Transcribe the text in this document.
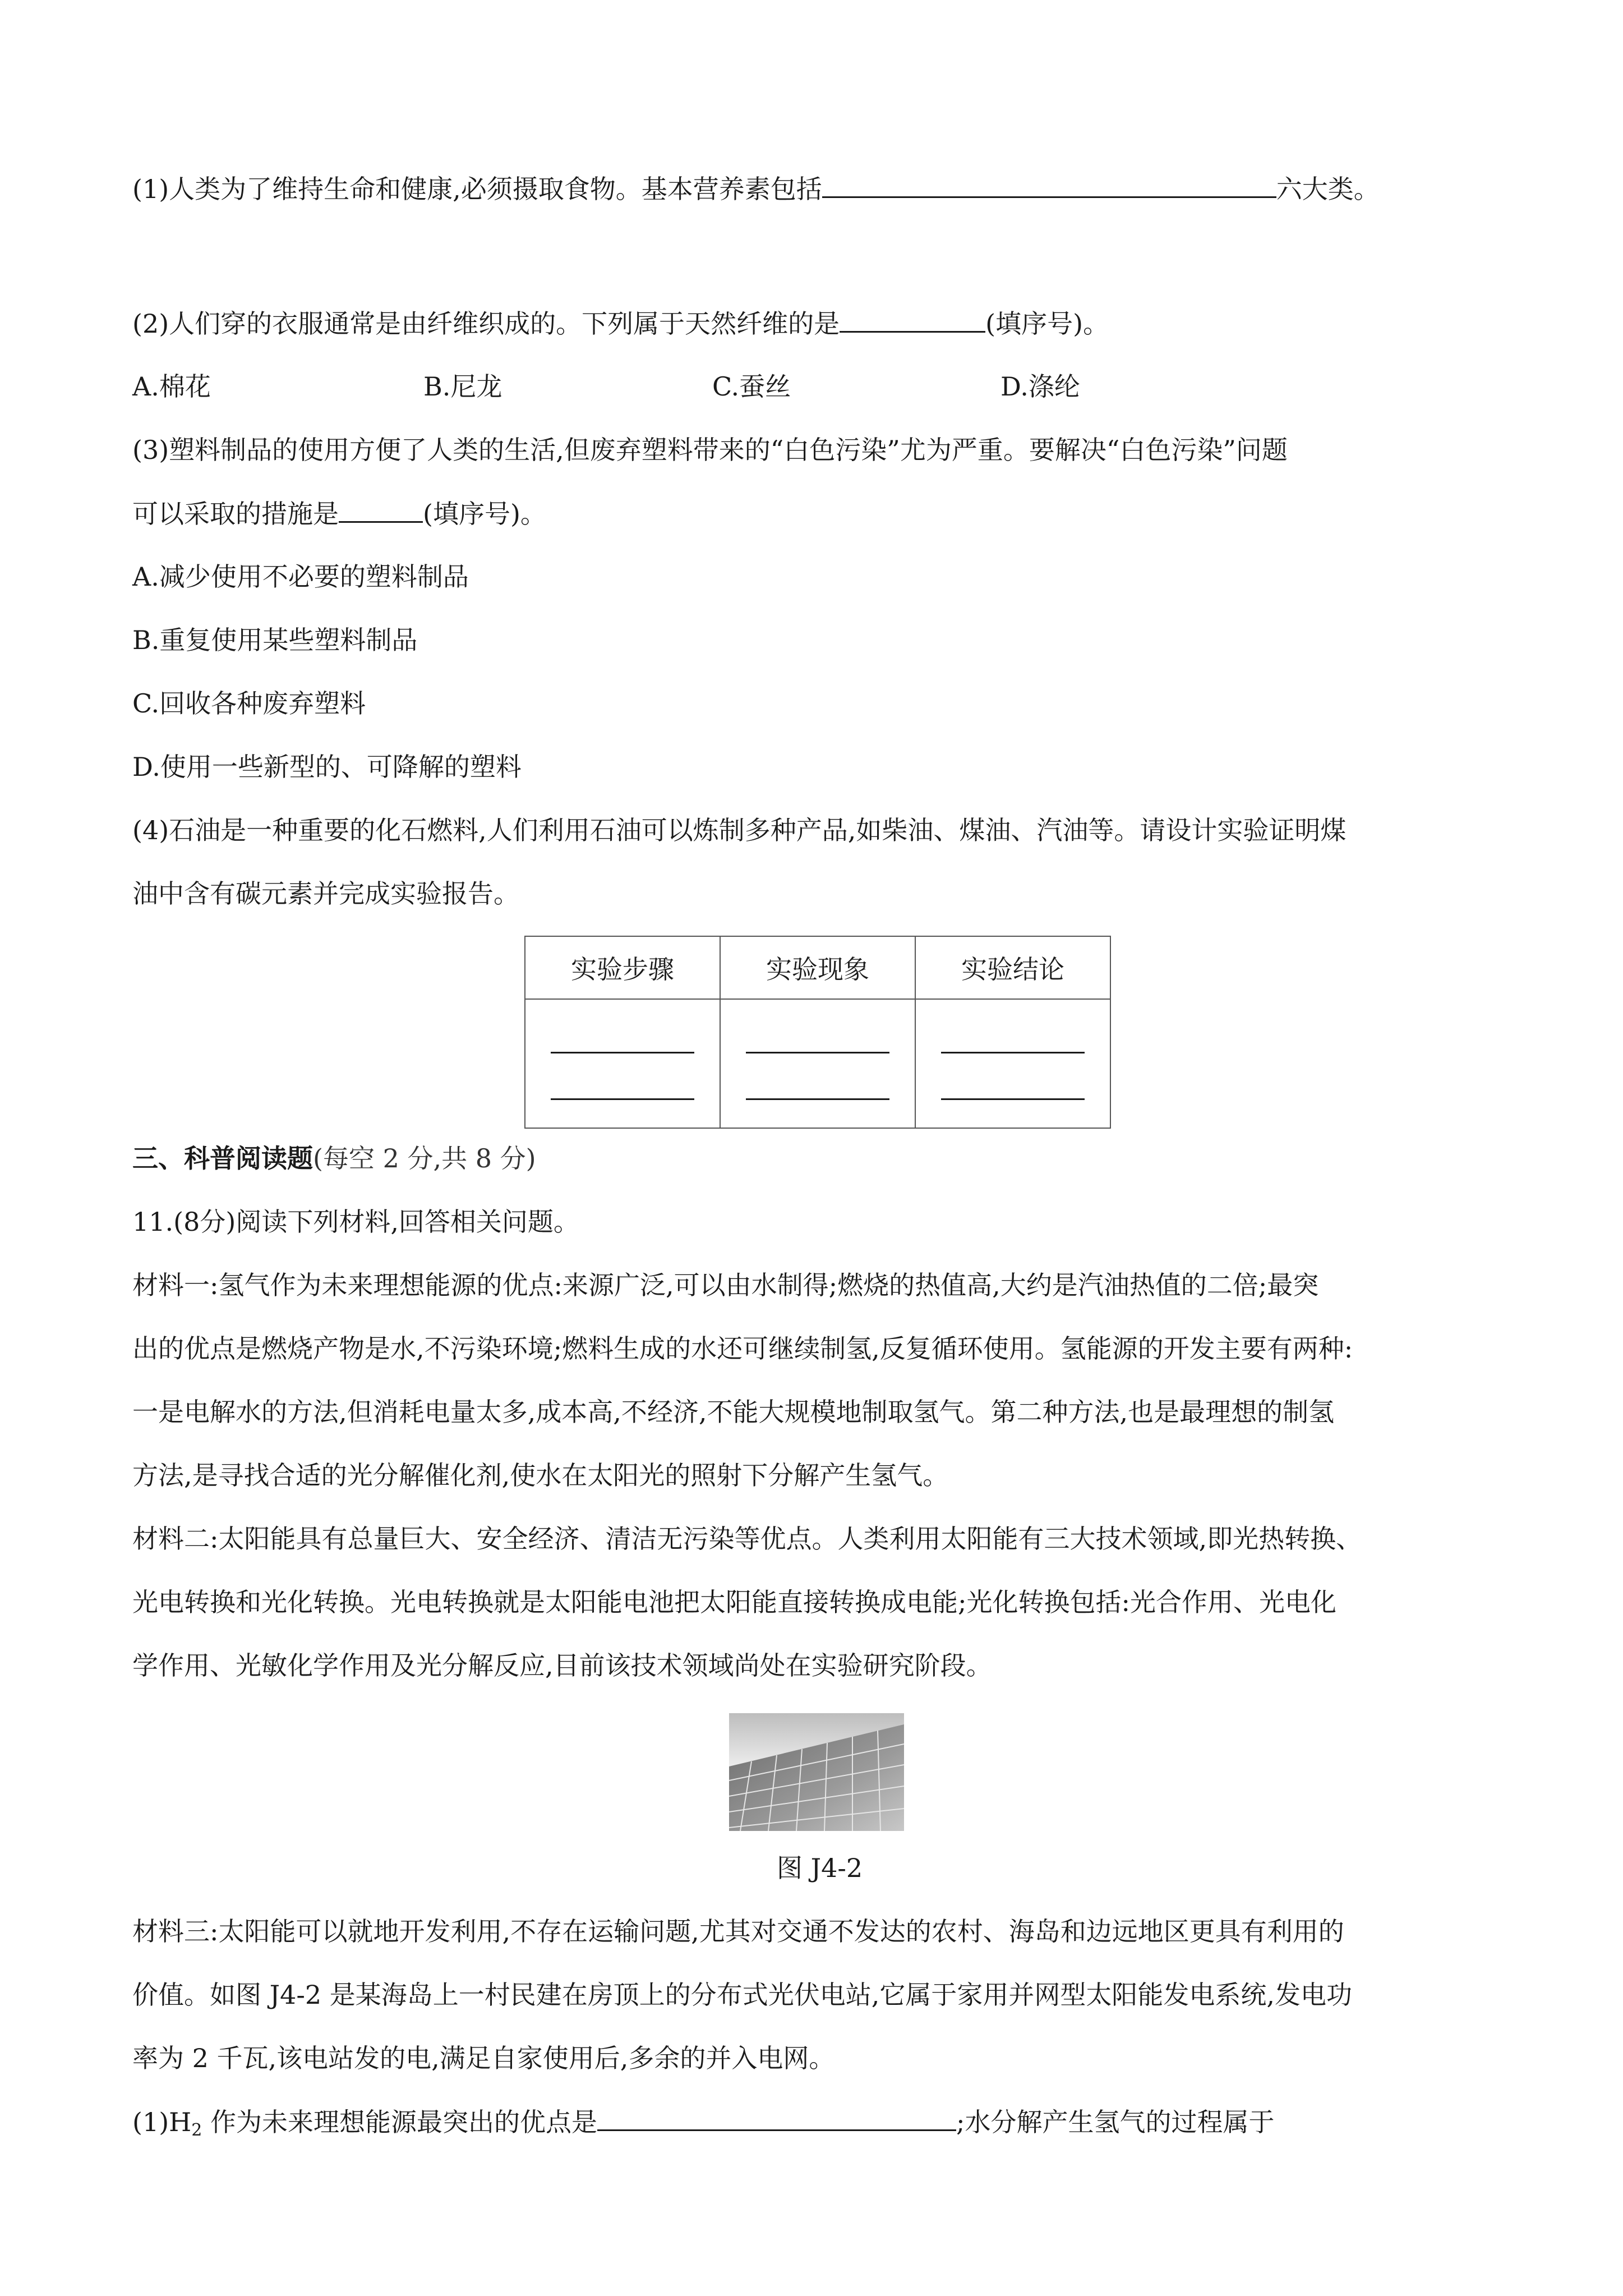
(1)人类为了维持生命和健康,必须摄取食物。基本营养素包括	六大类。
(2)人们穿的衣服通常是由纤维织成的。下列属于天然纤维的是	(填序号)。
A.棉花	B.尼龙	C.蚕丝	D.涤纶
(3)塑料制品的使用方便了人类的生活,但废弃塑料带来的“白色污染”尤为严重。要解决“白色污染”问题
可以采取的措施是	(填序号)。
A.减少使用不必要的塑料制品
B.重复使用某些塑料制品
C.回收各种废弃塑料
D.使用一些新型的、可降解的塑料
(4)石油是一种重要的化石燃料,人们利用石油可以炼制多种产品,如柴油、煤油、汽油等。请设计实验证明煤
油中含有碳元素并完成实验报告。
实验步骤	实验现象	实验结论

三、科普阅读题(每空 2 分,共 8 分)
11.(8分)阅读下列材料,回答相关问题。
材料一:氢气作为未来理想能源的优点:来源广泛,可以由水制得;燃烧的热值高,大约是汽油热值的二倍;最突
出的优点是燃烧产物是水,不污染环境;燃料生成的水还可继续制氢,反复循环使用。氢能源的开发主要有两种:
一是电解水的方法,但消耗电量太多,成本高,不经济,不能大规模地制取氢气。第二种方法,也是最理想的制氢
方法,是寻找合适的光分解催化剂,使水在太阳光的照射下分解产生氢气。
材料二:太阳能具有总量巨大、安全经济、清洁无污染等优点。人类利用太阳能有三大技术领域,即光热转换、
光电转换和光化转换。光电转换就是太阳能电池把太阳能直接转换成电能;光化转换包括:光合作用、光电化
学作用、光敏化学作用及光分解反应,目前该技术领域尚处在实验研究阶段。
图 J4-2
材料三:太阳能可以就地开发利用,不存在运输问题,尤其对交通不发达的农村、海岛和边远地区更具有利用的
价值。如图 J4-2 是某海岛上一村民建在房顶上的分布式光伏电站,它属于家用并网型太阳能发电系统,发电功
率为 2 千瓦,该电站发的电,满足自家使用后,多余的并入电网。
$(1)H_2$ 作为未来理想能源最突出的优点是	;水分解产生氢气的过程属于
